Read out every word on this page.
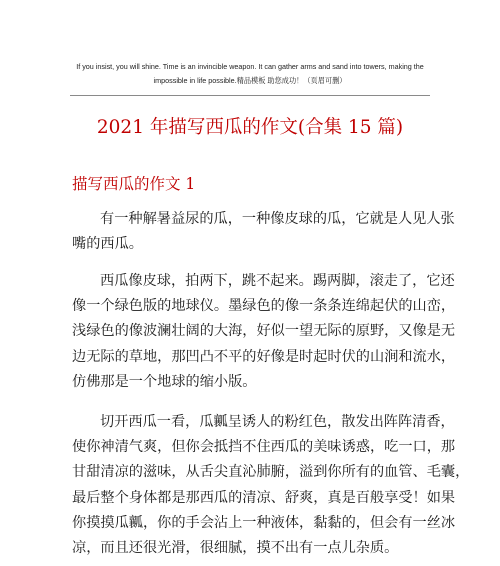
If you insist, you will shine. Time is an invincible weapon. It can gather arms and sand into towers, making the
impossible in life possible.精品模板 助您成功！（页眉可删）
2021 年描写西瓜的作文(合集 15 篇)
描写西瓜的作文 1
有一种解暑益尿的瓜，一种像皮球的瓜，它就是人见人张
嘴的西瓜。
西瓜像皮球，拍两下，跳不起来。踢两脚，滚走了，它还
像一个绿色版的地球仪。墨绿色的像一条条连绵起伏的山峦，
浅绿色的像波澜壮阔的大海，好似一望无际的原野，又像是无
边无际的草地，那凹凸不平的好像是时起时伏的山涧和流水，
仿佛那是一个地球的缩小版。
切开西瓜一看，瓜瓤呈诱人的粉红色，散发出阵阵清香，
使你神清气爽，但你会抵挡不住西瓜的美味诱惑，吃一口，那
甘甜清凉的滋味，从舌尖直沁肺腑，溢到你所有的血管、毛囊，
最后整个身体都是那西瓜的清凉、舒爽，真是百般享受！如果
你摸摸瓜瓤，你的手会沾上一种液体，黏黏的，但会有一丝冰
凉，而且还很光滑，很细腻，摸不出有一点儿杂质。
